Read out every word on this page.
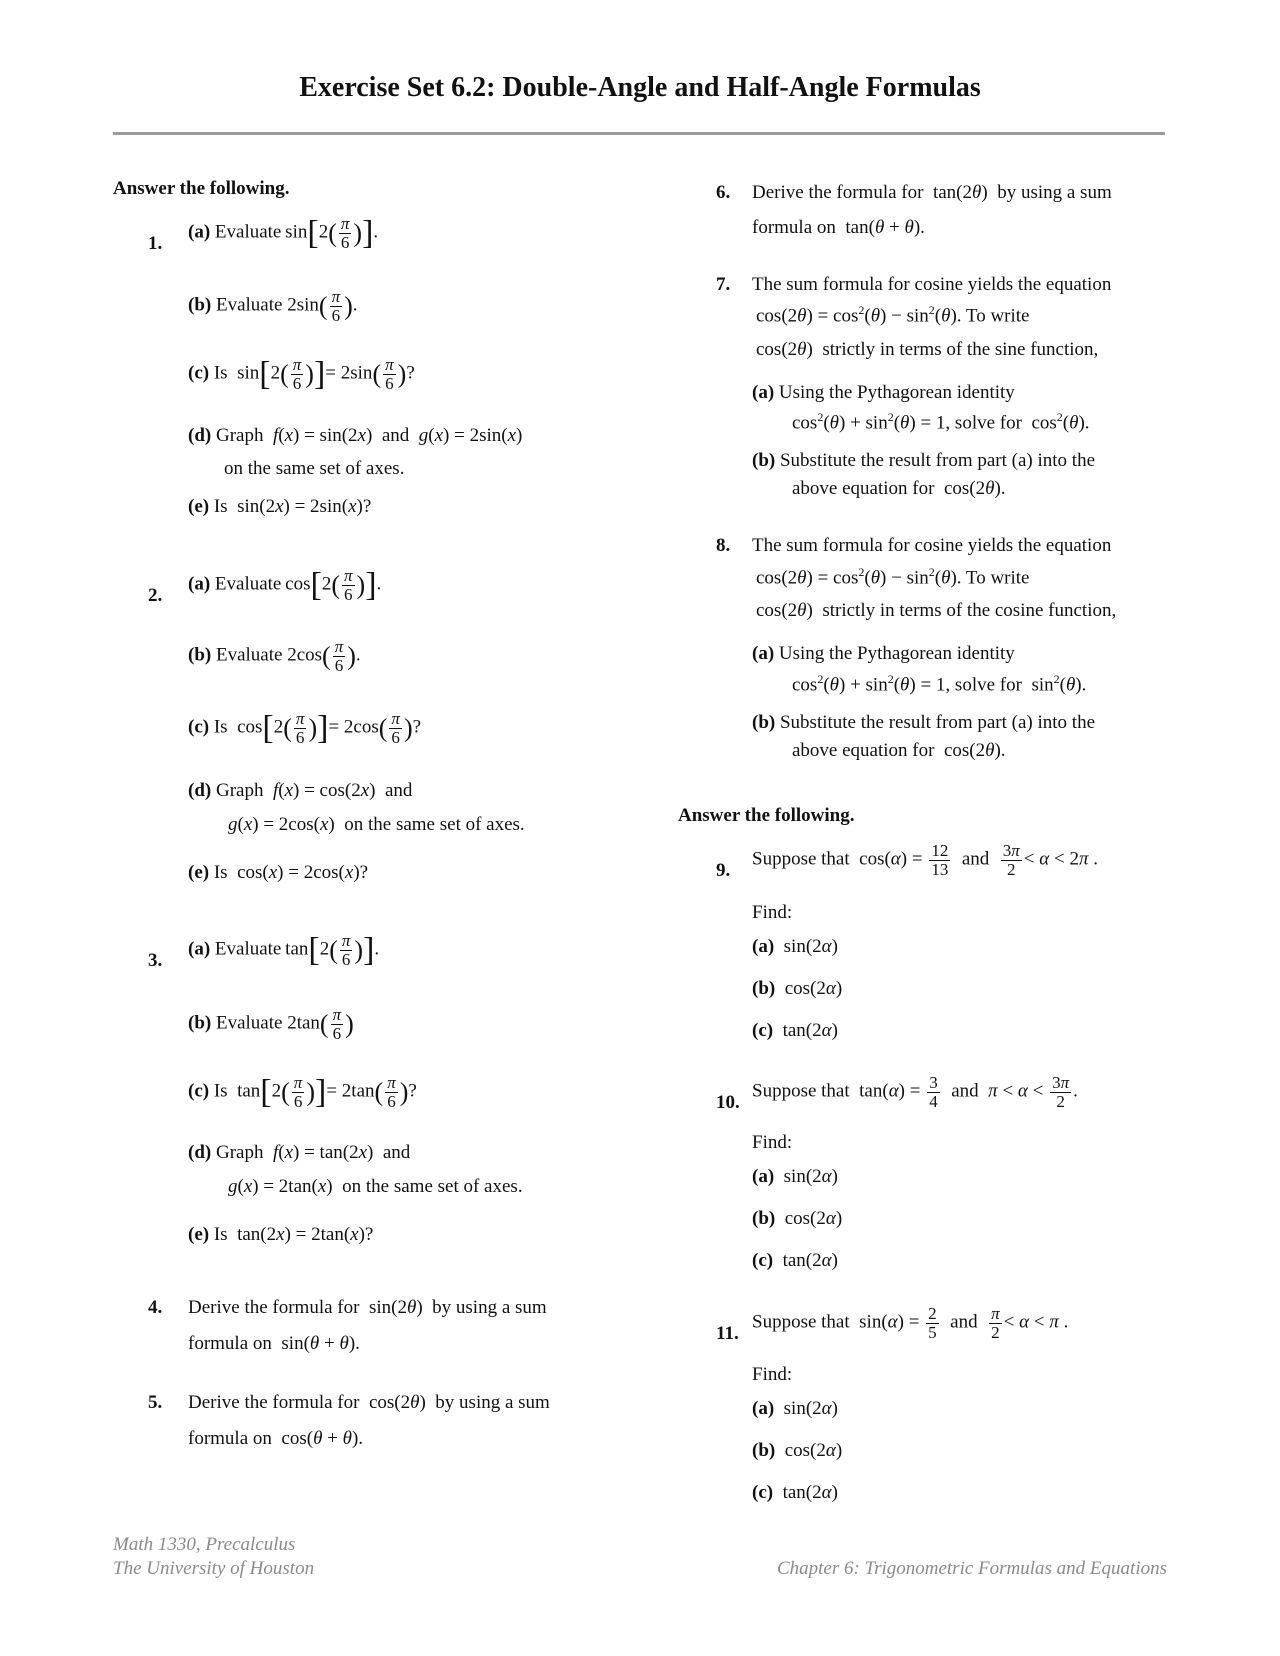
Exercise Set 6.2: Double-Angle and Half-Angle Formulas
Answer the following.
1.
(a) Evaluate $\sin[2( \frac{\pi}{6}$ )].
(b) Evaluate $2\sin( \frac{\pi}{6}$ ).
(c) Is  $\sin[2( \frac{\pi}{6}$ )]= $2\sin( \frac{\pi}{6}$ )?
(d) Graph f(x) = sin(2x)  and g(x) = 2sin(x)
on the same set of axes.
(e) Is  sin(2x) = 2sin(x)?
2.
(a) Evaluate $\cos[2( \frac{\pi}{6}$ )].
(b) Evaluate $2\cos( \frac{\pi}{6}$ ).
(c) Is  $\cos[2( \frac{\pi}{6}$ )]= $2\cos( \frac{\pi}{6}$ )?
(d) Graph f(x) = cos(2x)  and
g(x) = 2cos(x)  on the same set of axes.
(e) Is  cos(x) = 2cos(x)?
3.
(a) Evaluate $\tan[2( \frac{\pi}{6}$ )].
(b) Evaluate $2\tan( \frac{\pi}{6}$ )
(c) Is  $\tan[2( \frac{\pi}{6}$ )]= $2\tan( \frac{\pi}{6}$ )?
(d) Graph f(x) = tan(2x)  and
g(x) = 2tan(x)  on the same set of axes.
(e) Is  tan(2x) = 2tan(x)?
4. Derive the formula for  sin(2θ)  by using a sum
formula on  sin(θ + θ).
5. Derive the formula for  cos(2θ)  by using a sum
formula on  cos(θ + θ).
6. Derive the formula for  tan(2θ)  by using a sum
formula on  tan(θ + θ).
7. The sum formula for cosine yields the equation
$\cos(2\theta) = \cos^2(\theta) - \sin^2(\theta)$. To write
cos(2θ)  strictly in terms of the sine function,
(a) Using the Pythagorean identity
$\cos^2(\theta) + \sin^2(\theta) = 1$, solve for  $\cos^2(\theta)$.
(b) Substitute the result from part (a) into the
above equation for  cos(2θ).
8. The sum formula for cosine yields the equation
$\cos(2\theta) = \cos^2(\theta) - \sin^2(\theta)$. To write
cos(2θ)  strictly in terms of the cosine function,
(a) Using the Pythagorean identity
$\cos^2(\theta) + \sin^2(\theta) = 1$, solve for  $\sin^2(\theta)$.
(b) Substitute the result from part (a) into the
above equation for  cos(2θ).
Answer the following.
9.
Suppose that  $\cos(\alpha) = \frac{12}{13}$ and $\frac{3\pi}{2} < \alpha < 2\pi$ .
Find:
(a)  sin(2α)
(b)  cos(2α)
(c)  tan(2α)
10.
Suppose that  $\tan(\alpha) = \frac{3}{4}$ and $\pi < \alpha < \frac{3\pi}{2}$ .
Find:
(a)  sin(2α)
(b)  cos(2α)
(c)  tan(2α)
11.
Suppose that  $\sin(\alpha) = \frac{2}{5}$ and $\frac{\pi}{2} < \alpha < \pi$ .
Find:
(a)  sin(2α)
(b)  cos(2α)
(c)  tan(2α)
Math 1330, Precalculus
The University of Houston	Chapter 6: Trigonometric Formulas and Equations
